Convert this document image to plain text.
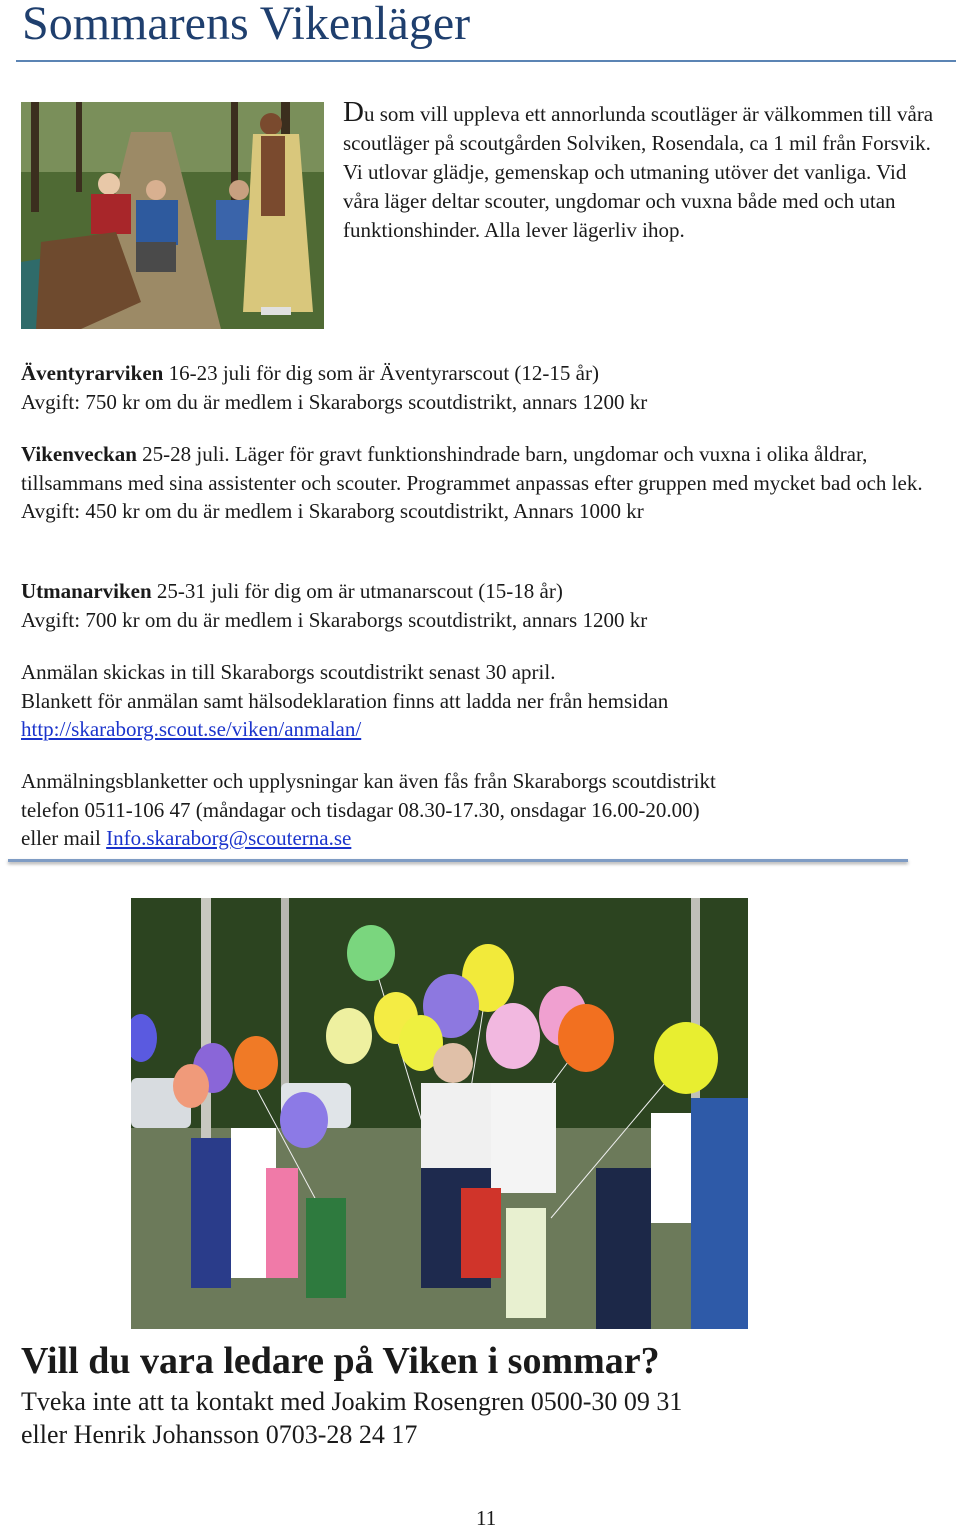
Sommarens Vikenläger

Du som vill uppleva ett annorlunda scoutläger är välkommen till våra scoutläger på scoutgården Solviken, Rosendala, ca 1 mil från Forsvik.
Vi utlovar glädje, gemenskap och utmaning utöver det vanliga. Vid våra läger deltar scouter, ungdomar och vuxna både med och utan funktionshinder. Alla lever lägerliv ihop.

Äventyrarviken 16-23 juli för dig som är Äventyrarscout (12-15 år)
Avgift: 750 kr om du är medlem i Skaraborgs scoutdistrikt, annars 1200 kr

Vikenveckan 25-28 juli. Läger för gravt funktionshindrade barn, ungdomar och vuxna i olika åldrar, tillsammans med sina assistenter och scouter. Programmet anpassas efter gruppen med mycket bad och lek.
Avgift: 450 kr om du är medlem i Skaraborg scoutdistrikt, Annars 1000 kr

Utmanarviken 25-31 juli för dig om är utmanarscout (15-18 år)
Avgift: 700 kr om du är medlem i Skaraborgs scoutdistrikt, annars 1200 kr

Anmälan skickas in till Skaraborgs scoutdistrikt senast 30 april.
Blankett för anmälan samt hälsodeklaration finns att ladda ner från hemsidan
http://skaraborg.scout.se/viken/anmalan/

Anmälningsblanketter och upplysningar kan även fås från Skaraborgs scoutdistrikt
telefon 0511-106 47 (måndagar och tisdagar 08.30-17.30, onsdagar 16.00-20.00)
eller mail Info.skaraborg@scouterna.se

Vill du vara ledare på Viken i sommar?

Tveka inte att ta kontakt med Joakim Rosengren 0500-30 09 31
eller Henrik Johansson 0703-28 24 17

11
